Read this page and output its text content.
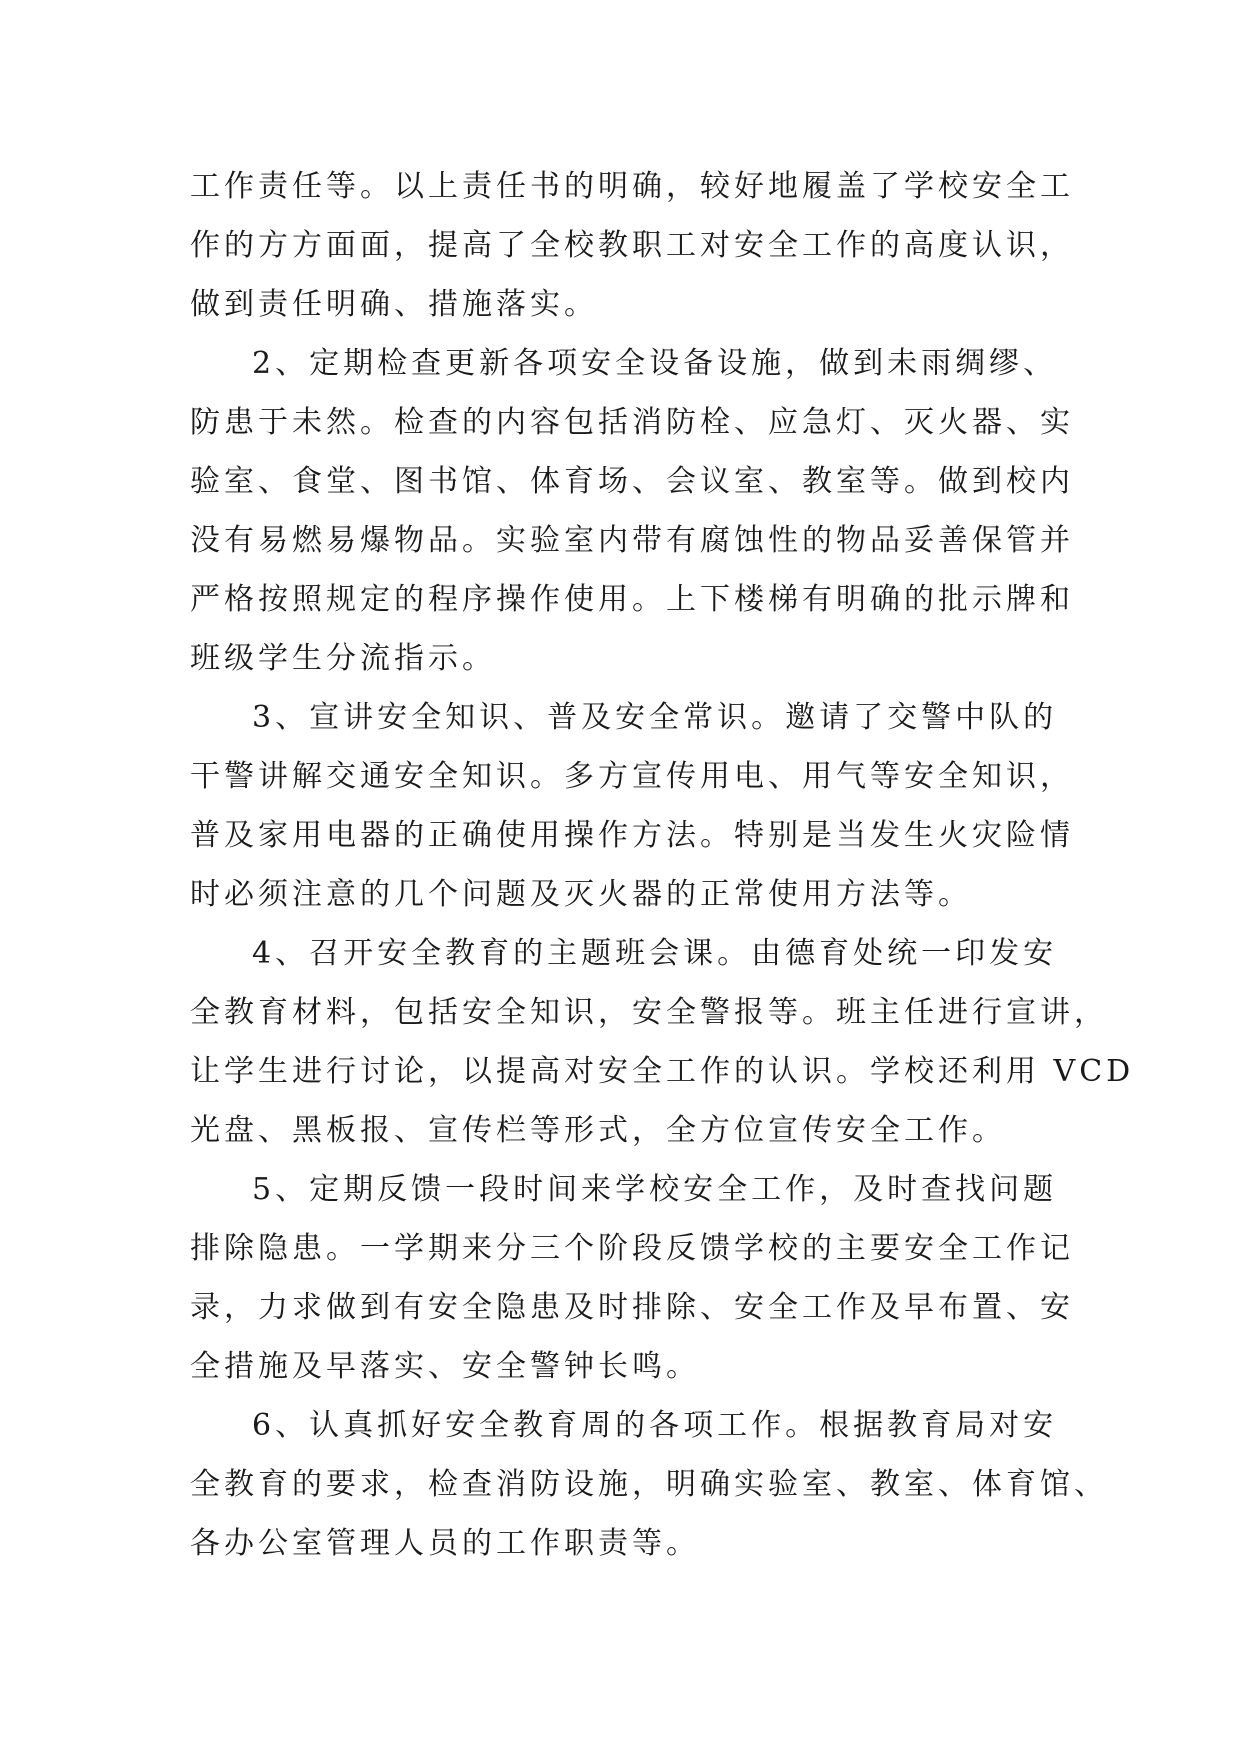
工作责任等。以上责任书的明确，较好地履盖了学校安全工
作的方方面面，提高了全校教职工对安全工作的高度认识，
做到责任明确、措施落实。
2、定期检查更新各项安全设备设施，做到未雨绸缪、
防患于未然。检查的内容包括消防栓、应急灯、灭火器、实
验室、食堂、图书馆、体育场、会议室、教室等。做到校内
没有易燃易爆物品。实验室内带有腐蚀性的物品妥善保管并
严格按照规定的程序操作使用。上下楼梯有明确的批示牌和
班级学生分流指示。
3、宣讲安全知识、普及安全常识。邀请了交警中队的
干警讲解交通安全知识。多方宣传用电、用气等安全知识，
普及家用电器的正确使用操作方法。特别是当发生火灾险情
时必须注意的几个问题及灭火器的正常使用方法等。
4、召开安全教育的主题班会课。由德育处统一印发安
全教育材料，包括安全知识，安全警报等。班主任进行宣讲，
让学生进行讨论，以提高对安全工作的认识。学校还利用 VCD
光盘、黑板报、宣传栏等形式，全方位宣传安全工作。
5、定期反馈一段时间来学校安全工作，及时查找问题
排除隐患。一学期来分三个阶段反馈学校的主要安全工作记
录，力求做到有安全隐患及时排除、安全工作及早布置、安
全措施及早落实、安全警钟长鸣。
6、认真抓好安全教育周的各项工作。根据教育局对安
全教育的要求，检查消防设施，明确实验室、教室、体育馆、
各办公室管理人员的工作职责等。
